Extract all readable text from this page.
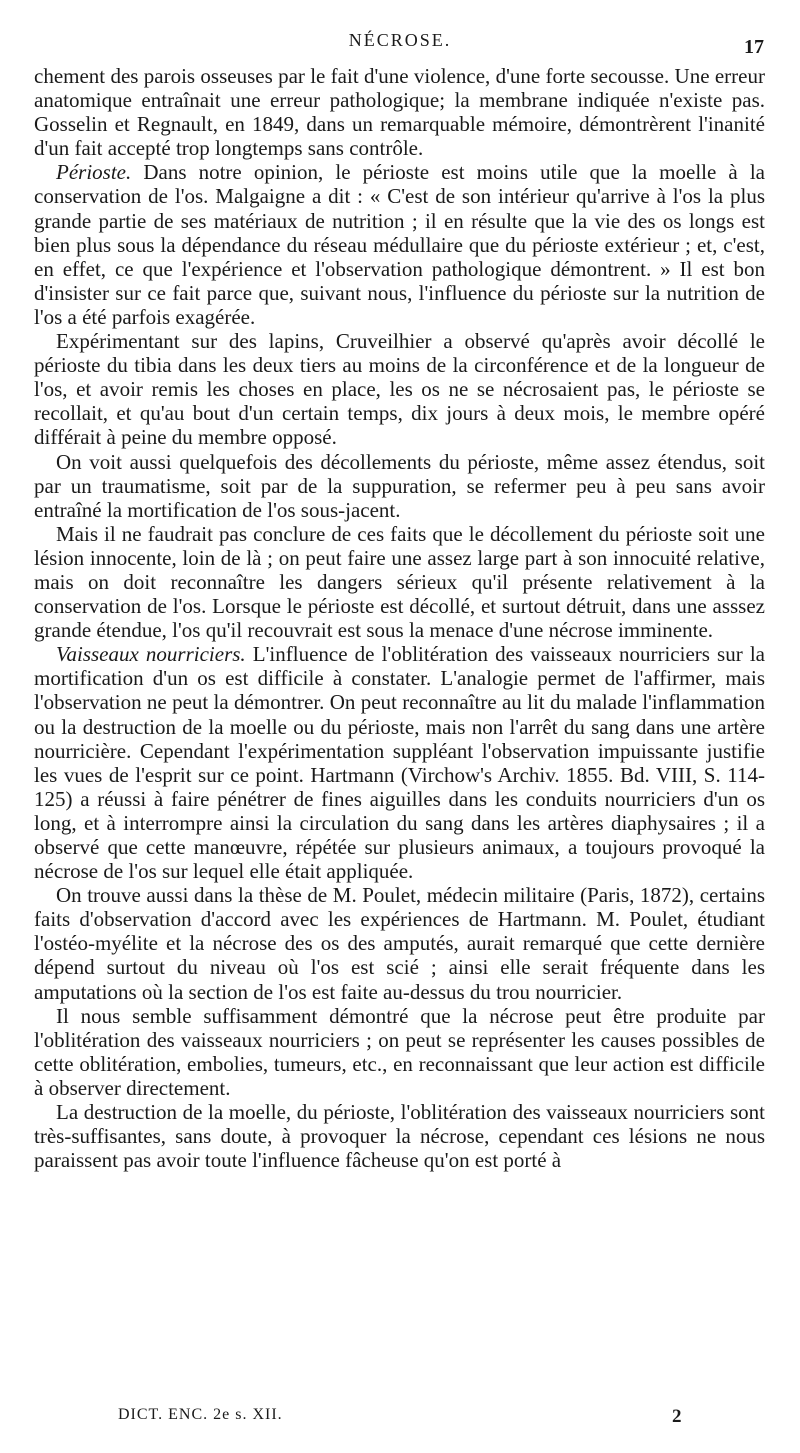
NÉCROSE.	17

chement des parois osseuses par le fait d'une violence, d'une forte secousse. Une erreur anatomique entraînait une erreur pathologique; la membrane indiquée n'existe pas. Gosselin et Regnault, en 1849, dans un remarquable mémoire, démontrèrent l'inanité d'un fait accepté trop longtemps sans contrôle.

Périoste. Dans notre opinion, le périoste est moins utile que la moelle à la conservation de l'os. Malgaigne a dit : « C'est de son intérieur qu'arrive à l'os la plus grande partie de ses matériaux de nutrition ; il en résulte que la vie des os longs est bien plus sous la dépendance du réseau médullaire que du périoste extérieur ; et, c'est, en effet, ce que l'expérience et l'observation pathologique démontrent. » Il est bon d'insister sur ce fait parce que, suivant nous, l'influence du périoste sur la nutrition de l'os a été parfois exagérée.

Expérimentant sur des lapins, Cruveilhier a observé qu'après avoir décollé le périoste du tibia dans les deux tiers au moins de la circonférence et de la longueur de l'os, et avoir remis les choses en place, les os ne se nécrosaient pas, le périoste se recollait, et qu'au bout d'un certain temps, dix jours à deux mois, le membre opéré différait à peine du membre opposé.

On voit aussi quelquefois des décollements du périoste, même assez étendus, soit par un traumatisme, soit par de la suppuration, se refermer peu à peu sans avoir entraîné la mortification de l'os sous-jacent.

Mais il ne faudrait pas conclure de ces faits que le décollement du périoste soit une lésion innocente, loin de là ; on peut faire une assez large part à son innocuité relative, mais on doit reconnaître les dangers sérieux qu'il présente relativement à la conservation de l'os. Lorsque le périoste est décollé, et surtout détruit, dans une asssez grande étendue, l'os qu'il recouvrait est sous la menace d'une nécrose imminente.

Vaisseaux nourriciers. L'influence de l'oblitération des vaisseaux nourriciers sur la mortification d'un os est difficile à constater. L'analogie permet de l'affirmer, mais l'observation ne peut la démontrer. On peut reconnaître au lit du malade l'inflammation ou la destruction de la moelle ou du périoste, mais non l'arrêt du sang dans une artère nourricière. Cependant l'expérimentation suppléant l'observation impuissante justifie les vues de l'esprit sur ce point. Hartmann (Virchow's Archiv. 1855. Bd. VIII, S. 114-125) a réussi à faire pénétrer de fines aiguilles dans les conduits nourriciers d'un os long, et à interrompre ainsi la circulation du sang dans les artères diaphysaires ; il a observé que cette manœuvre, répétée sur plusieurs animaux, a toujours provoqué la nécrose de l'os sur lequel elle était appliquée.

On trouve aussi dans la thèse de M. Poulet, médecin militaire (Paris, 1872), certains faits d'observation d'accord avec les expériences de Hartmann. M. Poulet, étudiant l'ostéo-myélite et la nécrose des os des amputés, aurait remarqué que cette dernière dépend surtout du niveau où l'os est scié ; ainsi elle serait fréquente dans les amputations où la section de l'os est faite au-dessus du trou nourricier.

Il nous semble suffisamment démontré que la nécrose peut être produite par l'oblitération des vaisseaux nourriciers ; on peut se représenter les causes possibles de cette oblitération, embolies, tumeurs, etc., en reconnaissant que leur action est difficile à observer directement.

La destruction de la moelle, du périoste, l'oblitération des vaisseaux nourriciers sont très-suffisantes, sans doute, à provoquer la nécrose, cependant ces lésions ne nous paraissent pas avoir toute l'influence fâcheuse qu'on est porté à

DICT. ENC. 2e s. XII.	2
